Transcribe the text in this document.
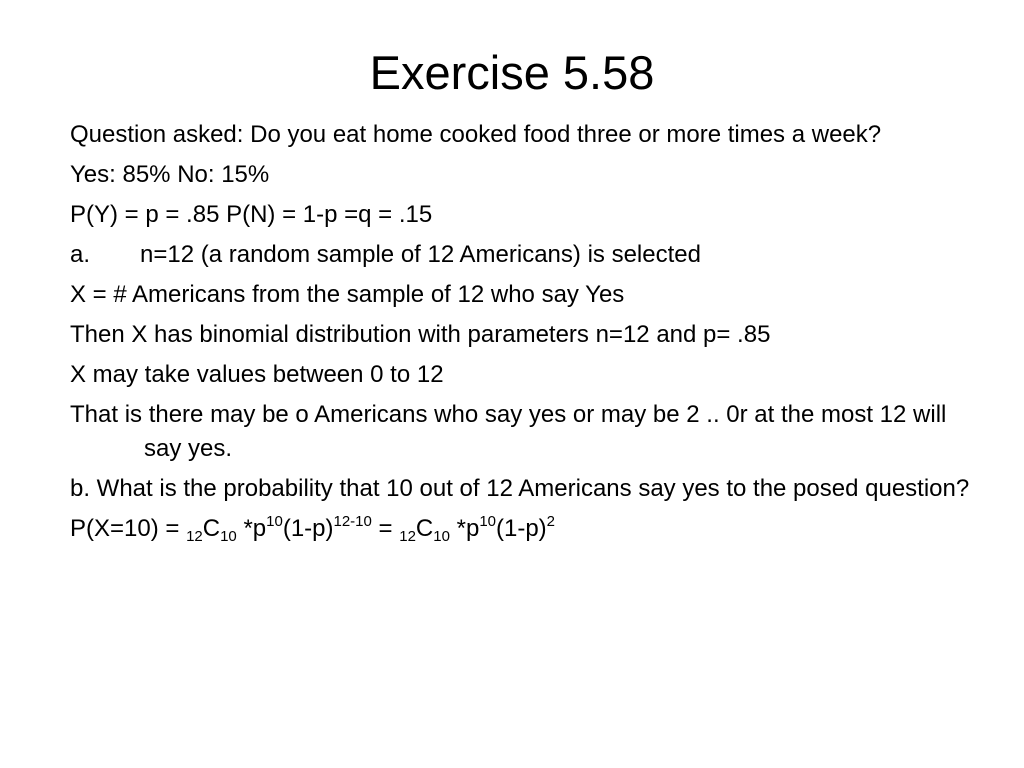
Exercise 5.58

Question asked: Do you eat home cooked food three or more times a week?

Yes: 85% No: 15%

P(Y) = p = .85 P(N) = 1-p =q = .15

a.	n=12 (a random sample of 12 Americans) is selected

X = # Americans from the sample of 12 who say Yes

Then X has binomial distribution with parameters n=12 and p= .85

X may take values between 0 to 12

That is there may be o Americans who say yes or may be 2 .. 0r at the most 12 will say yes.

b. What is the probability that 10 out of 12 Americans say yes to the posed question?

$P(X=10) = _{12}C_{10}$ $*p^{10}(1-p)^{12-10} = _{12}C_{10}$ $*p^{10}(1-p)^2$
